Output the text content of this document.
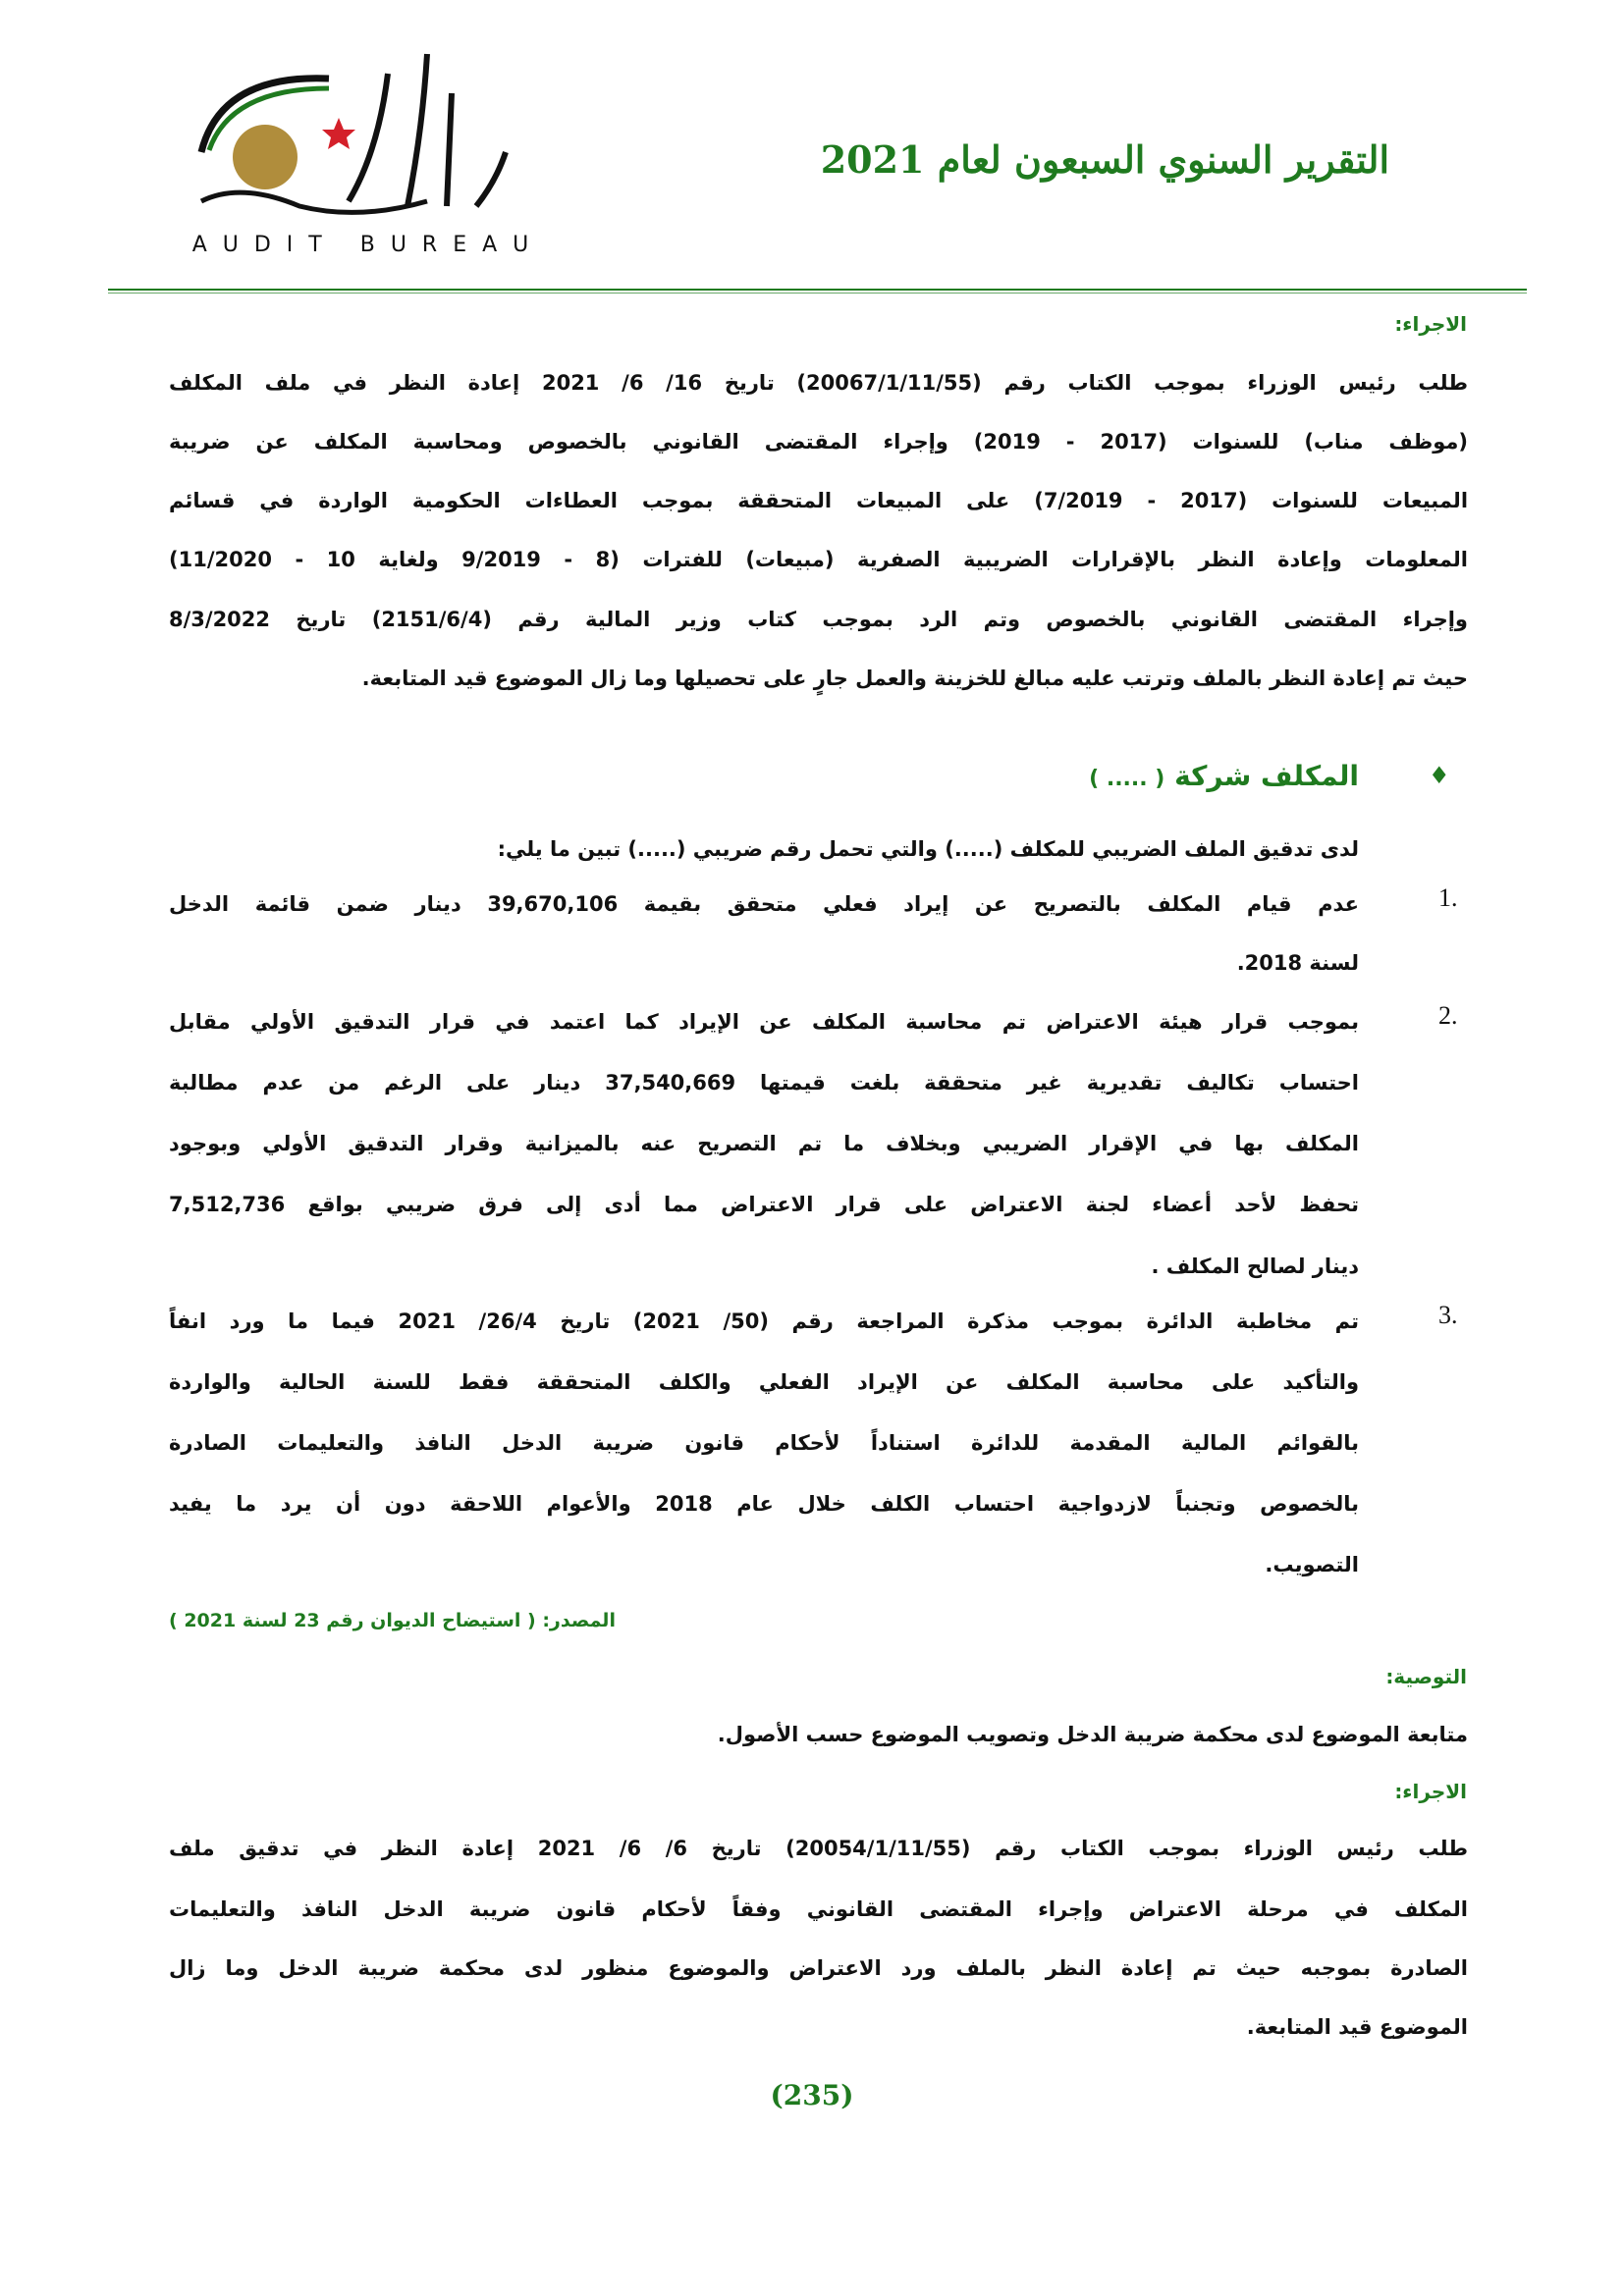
AUDIT BUREAU
التقرير السنوي السبعون لعام 2021
الاجراء:
طلب رئيس الوزراء بموجب الكتاب رقم (20067/1/11/55) تاريخ 16/ 6/ 2021 إعادة النظر في ملف المكلف
(موظف مناب) للسنوات (2017 - 2019) وإجراء المقتضى القانوني بالخصوص ومحاسبة المكلف عن ضريبة
المبيعات للسنوات (2017 - 7/2019) على المبيعات المتحققة بموجب العطاءات الحكومية الواردة في قسائم
المعلومات وإعادة النظر بالإقرارات الضريبية الصفرية (مبيعات) للفترات (8 - 9/2019 ولغاية 10 - 11/2020)
وإجراء المقتضى القانوني بالخصوص وتم الرد بموجب كتاب وزير المالية رقم (2151/6/4) تاريخ 8/3/2022
حيث تم إعادة النظر بالملف وترتب عليه مبالغ للخزينة والعمل جارٍ على تحصيلها وما زال الموضوع قيد المتابعة.
♦
المكلف شركة ( ..... )
لدى تدقيق الملف الضريبي للمكلف (.....) والتي تحمل رقم ضريبي (.....) تبين ما يلي:
1.
عدم قيام المكلف بالتصريح عن إيراد فعلي متحقق بقيمة 39,670,106 دينار ضمن قائمة الدخل
لسنة 2018.
2.
بموجب قرار هيئة الاعتراض تم محاسبة المكلف عن الإيراد كما اعتمد في قرار التدقيق الأولي مقابل
احتساب تكاليف تقديرية غير متحققة بلغت قيمتها 37,540,669 دينار على الرغم من عدم مطالبة
المكلف بها في الإقرار الضريبي وبخلاف ما تم التصريح عنه بالميزانية وقرار التدقيق الأولي وبوجود
تحفظ لأحد أعضاء لجنة الاعتراض على قرار الاعتراض مما أدى إلى فرق ضريبي بواقع 7,512,736
دينار لصالح المكلف .
3.
تم مخاطبة الدائرة بموجب مذكرة المراجعة رقم (50/ 2021) تاريخ 26/4/ 2021 فيما ما ورد انفاً
والتأكيد على محاسبة المكلف عن الإيراد الفعلي والكلف المتحققة فقط للسنة الحالية والواردة
بالقوائم المالية المقدمة للدائرة استناداً لأحكام قانون ضريبة الدخل النافذ والتعليمات الصادرة
بالخصوص وتجنباً لازدواجية احتساب الكلف خلال عام 2018 والأعوام اللاحقة دون أن يرد ما يفيد
التصويب.
المصدر: ( استيضاح الديوان رقم 23 لسنة 2021 )
التوصية:
متابعة الموضوع لدى محكمة ضريبة الدخل وتصويب الموضوع حسب الأصول.
الاجراء:
طلب رئيس الوزراء بموجب الكتاب رقم (20054/1/11/55) تاريخ 6/ 6/ 2021 إعادة النظر في تدقيق ملف
المكلف في مرحلة الاعتراض وإجراء المقتضى القانوني وفقاً لأحكام قانون ضريبة الدخل النافذ والتعليمات
الصادرة بموجبه حيث تم إعادة النظر بالملف ورد الاعتراض والموضوع منظور لدى محكمة ضريبة الدخل وما زال
الموضوع قيد المتابعة.
(235)
